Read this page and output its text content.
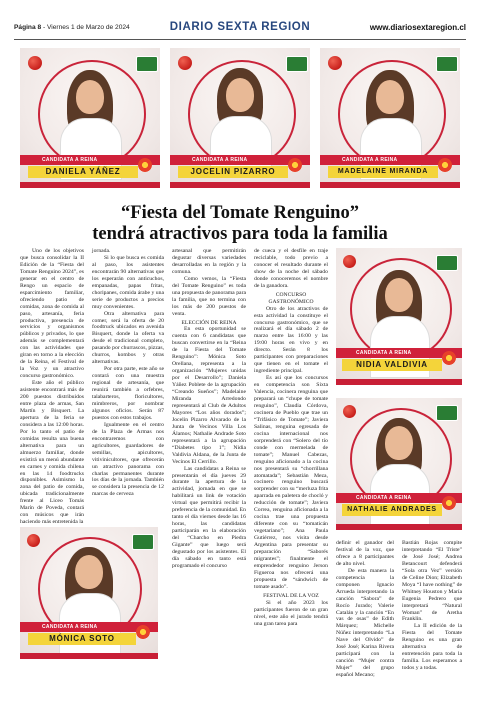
Página 8 - Viernes 1 de Marzo de 2024	DIARIO SEXTA REGION	www.diariosextaregion.cl
CANDIDATA A REINA
DANIELA YÁÑEZ
CANDIDATA A REINA
JOCELIN PIZARRO
CANDIDATA A REINA
MADELAINE MIRANDA
“Fiesta del Tomate Renguino”
tendrá atractivos para toda la familia
CANDIDATA A REINA
NIDIA VALDIVIA
CANDIDATA A REINA
NATHALIE ANDRADES
CANDIDATA A REINA
MÓNICA SOTO

Uno de los objetivos que busca consolidar la II Edición de la “Fiesta del Tomate Renguino 2024”, es generar en el centro de Rengo un espacio de esparcimiento familiar, ofreciendo patio de comidas, zona de comida al paso, artesanía, feria productiva, presencia de servicios y organismos públicos y privados, lo que además se complementará con las actividades que giran en torno a la elección de la Reina, el Festival de la Voz y un atractivo concurso gastronómico.

Este año el público asistente encontrará más de 200 puestos distribuidos entre plaza de armas, San Martín y Bisquert. La apertura de la feria se considera a las 12:00 horas. Por lo tanto el patio de comidas resulta una buena alternativa para un almuerzo familiar, donde existirá un menú abundante en carnes y comida chilena en las 14 foodtrucks disponibles. Asimismo la zona del patio de comida, ubicada tradicionalmente frente al Liceo Tomás Marín de Poveda, contará con músicos que irán haciendo más entretenida la

jornada.

Si lo que busca es comida al paso, los asistentes encontrarán 90 alternativas que los esperarán con anticuchos, empanadas, papas fritas, choripanes, comida árabe y una serie de productos a precios muy convenientes.

Otra alternativa para comer, será la oferta de 20 foodtruck ubicados en avenida Bisquert, donde la oferta va desde el tradicional completo, pasando por churrascos, pizzas, churros, kombos y otras alternativas.

Por otra parte, este año se contará con una muestra regional de artesanía, que reunirá también a orfebres, talabarteros, floricultores, mimbreros, por nombrar algunos oficios. Serán 87 puestos con estos trabajos.

Igualmente en el centro de la Plaza de Armas nos encontraremos con agricultores, guardadores de semillas, apicultores, vitivinicultores, que ofrecerán un atractivo panorama con charlas permanentes durante los días de la jornada. También se considera la presencia de 12 marcas de cerveza

artesanal que permitirán degustar diversas variedades desarrolladas en la región y la comuna.

Como vemos, la “Fiesta del Tomate Renguino” es toda una propuesta de panorama para la familia, que no termina con los más de 200 puestos de venta.

ELECCIÓN DE REINA

En esta oportunidad se cuenta con 6 candidatas que buscan convertirse en la “Reina de la Fiesta del Tomate Renguino”: Mónica Soto Orellana, representa a la organización “Mujeres unidas por el Desarrollo”; Daniela Yáñez Poblete de la agrupación “Creando Sueños”; Madelaine Miranda Arredondo representará al Club de Adultos Mayores “Los años dorados”; Jocelin Pizarro Alvarado de la Junta de Vecinos Villa Los Álamos; Nathalie Andrade Soto representará a la agrupación “Diabetes tipo 1”; Nidia Valdivia Aldana, de la Junta de Vecinos El Cerrillo.

Las candidatas a Reina se presentarán el día jueves 29 durante la apertura de la actividad, jornada en que se habilitará un link de votación virtual que permitirá recibir la preferencia de la comunidad. En tanto el día viernes desde las 16 horas, las candidatas participarán en la elaboración del “Charcho en Piedra Gigante” que luego será degustado por los asistentes. El día sábado en tanto está programado el concurso

de cueca y el desfile en traje reciclable, todo previo a conocer el resultado durante el show de la noche del sábado donde conoceremos el nombre de la ganadora.

CONCURSO GASTRONÓMICO

Otro de los atractivos de esta actividad la constituye el concurso gastronómico, que se realizará el día sábado 2 de marzo entre las 16:00 y las 19:00 horas en vivo y en directo. Serán 8 los participantes con preparaciones que tienen en el tomate el ingrediente principal.

Es así que los concursos en competencia son Sixta Valencia, cocinera renguina que preparará un “chupe de tomate renguino”, Claudia Córdova, cocinera de Pueblo que trae un “Trifásico de Tomate”; Javiera Salinas, renguina egresada de cocina internacional nos sorprenderá con “Solero del tío conde con mermelada de tomate”; Manuel Cabezas, renguino aficionado a la cocina nos presentará su “chorrillana atomatada”; Sebastián Meza, cocinero renguino buscará sorprender con su “merluza frita aparrada en paletera de chocló y reducción de tomate”; Javiera Correa, renguina aficionada a la cocina trae una propuesta diferente con su “tomaticán vegetariano”; Ana Paula Gutiérrez, nos visita desde Argentina para presentar su preparación “Saborés migrantes”; finalmente el emprendedor renguino Jerson Figueroa nos ofrecerá una propuesta de “sándwich de tomate asado”.

FESTIVAL DE LA VOZ

Si el año 2023 los participantes fueron de un gran nivel, este año el jurado tendrá una gran tarea para

definir el ganador del festival de la voz, que ofrece a 8 participantes de alto nivel.

De esta manera la competencia la componen Ignacio Arrueda interpretando la canción “Sabora” de Rocío Jurado; Valerie Catalán y la canción “En vas de osas” de Edith Márquez; Michelle Núñez interpretando “La Nave del Olvido” de José José; Karina Rivera participará con la canción “Mujer contra Mujer” del grupo español Mecano;

Bastián Rojas compite interpretando “El Triste” de José José; Andrea Betancourt defenderá “Sola otra Vez” versión de Celine Dion; Elizabeth Moya “I have nothing” de Whitney Houston y María Eugenia Pedrero que interpretará “Natural Woman” de Aretha Franklin.

La II edición de la Fiesta del Tomate Renguino es una gran alternativa de entretención para toda la familia. Los esperamos a todos y a todas.
